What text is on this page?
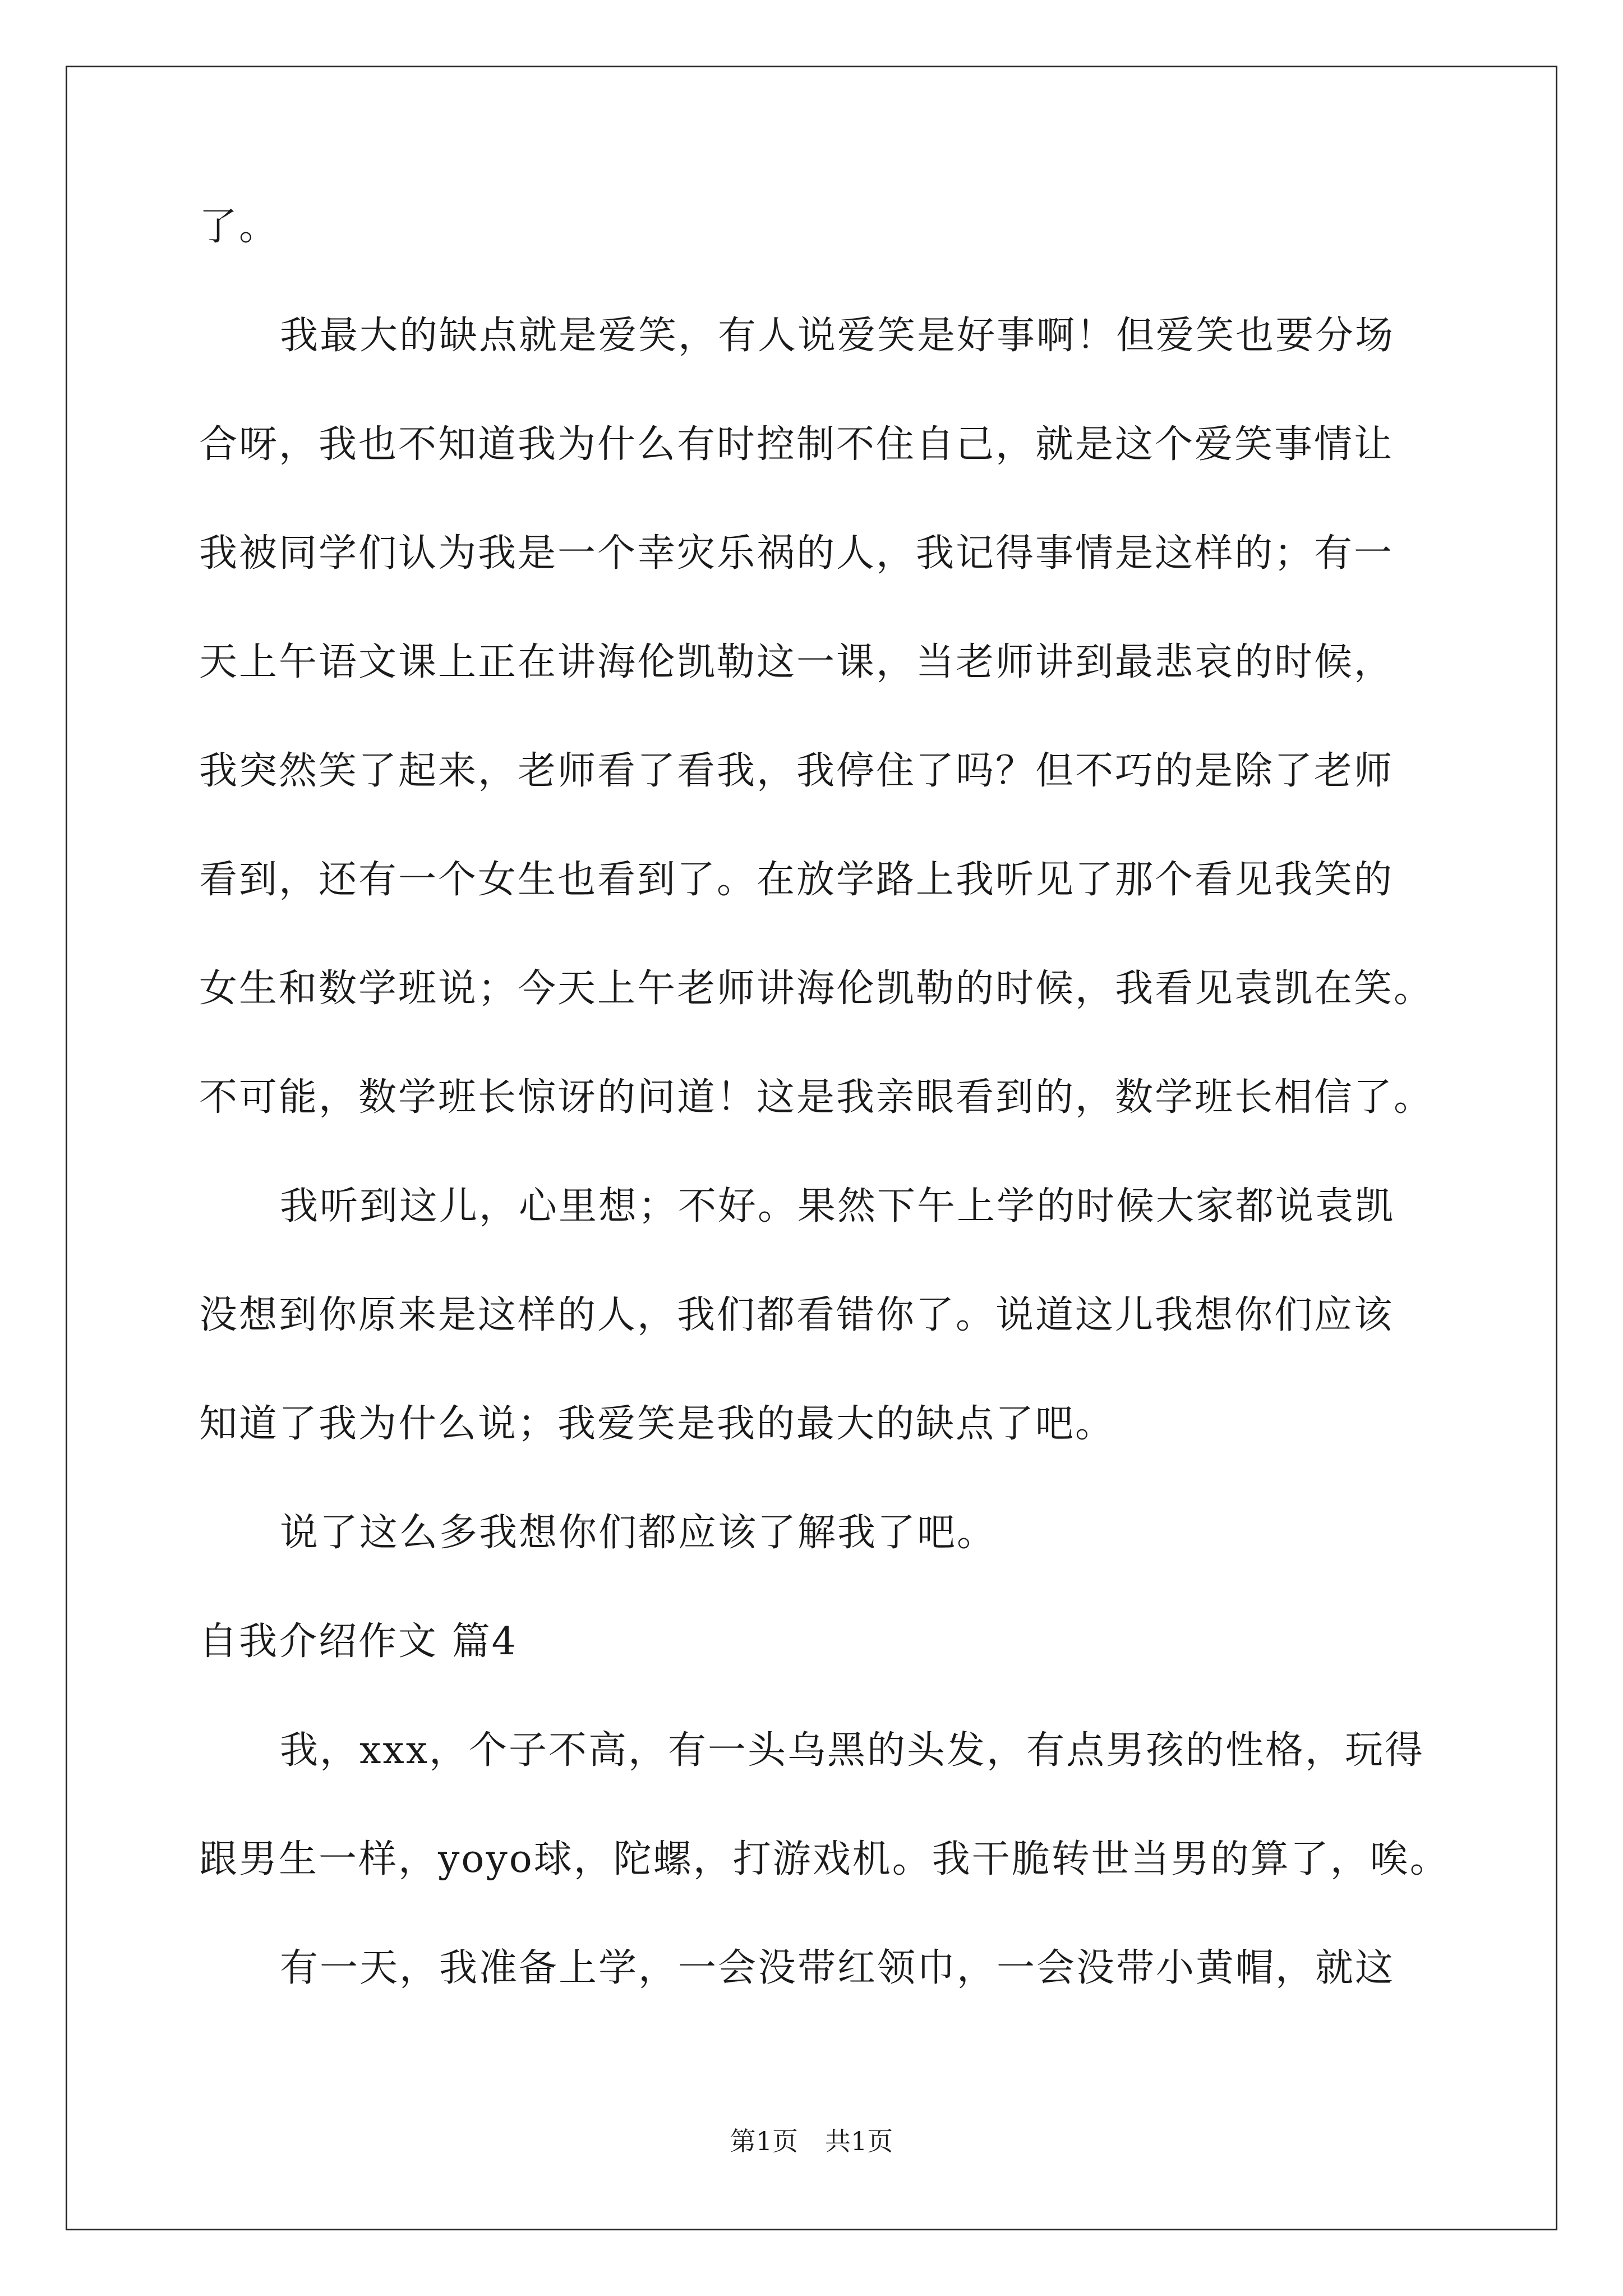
了。
我最大的缺点就是爱笑，有人说爱笑是好事啊！但爱笑也要分场
合呀，我也不知道我为什么有时控制不住自己，就是这个爱笑事情让
我被同学们认为我是一个幸灾乐祸的人，我记得事情是这样的；有一
天上午语文课上正在讲海伦凯勒这一课，当老师讲到最悲哀的时候，
我突然笑了起来，老师看了看我，我停住了吗？但不巧的是除了老师
看到，还有一个女生也看到了。在放学路上我听见了那个看见我笑的
女生和数学班说；今天上午老师讲海伦凯勒的时候，我看见袁凯在笑。
不可能，数学班长惊讶的问道！这是我亲眼看到的，数学班长相信了。
我听到这儿，心里想；不好。果然下午上学的时候大家都说袁凯
没想到你原来是这样的人，我们都看错你了。说道这儿我想你们应该
知道了我为什么说；我爱笑是我的最大的缺点了吧。
说了这么多我想你们都应该了解我了吧。
自我介绍作文 篇4
我，xxx，个子不高，有一头乌黑的头发，有点男孩的性格，玩得
跟男生一样，yoyo球，陀螺，打游戏机。我干脆转世当男的算了，唉。
有一天，我准备上学，一会没带红领巾，一会没带小黄帽，就这
第1页 共1页
